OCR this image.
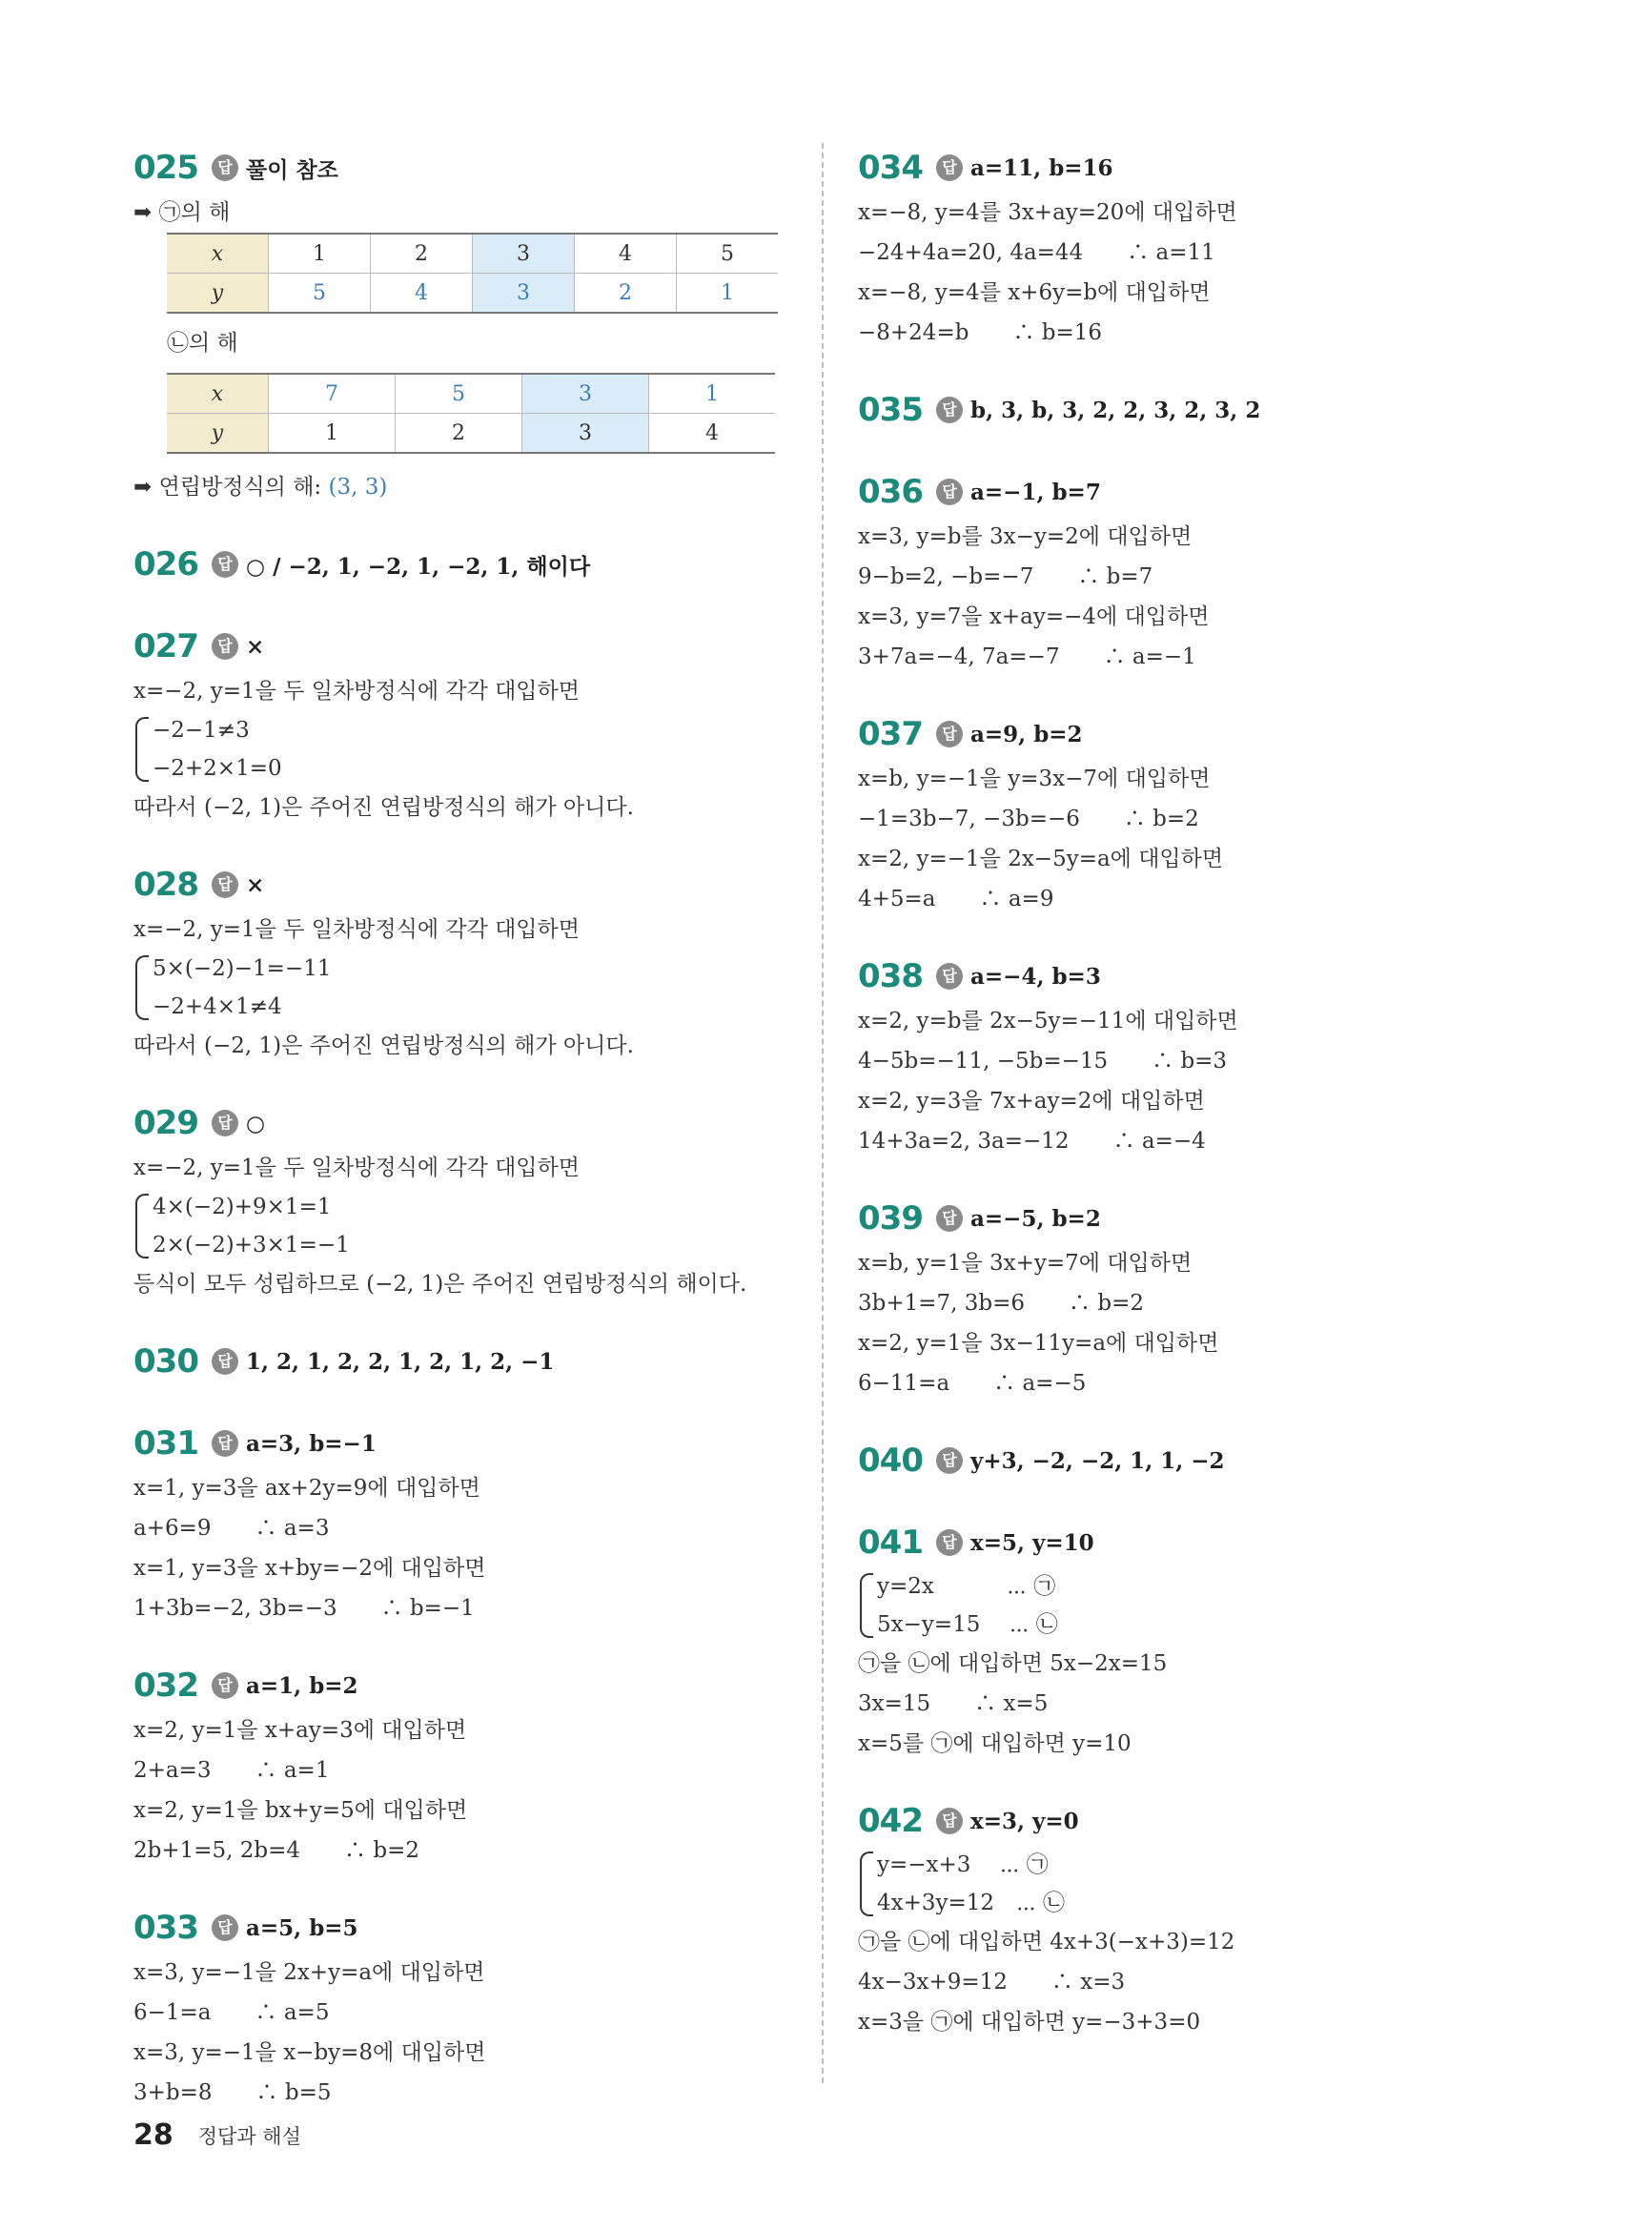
025	답 풀이 참조
➡ ㉠의 해
x	1	2	3	4	5
y	5	4	3	2	1
㉡의 해
x	7	5	3	1
y	1	2	3	4
➡ 연립방정식의 해: (3, 3)
026	답 ○ / −2, 1, −2, 1, −2, 1, 해이다
027	답 ×
x=−2, y=1을 두 일차방정식에 각각 대입하면
−2−1≠3
−2+2×1=0
따라서 (−2, 1)은 주어진 연립방정식의 해가 아니다.
028	답 ×
x=−2, y=1을 두 일차방정식에 각각 대입하면
5×(−2)−1=−11
−2+4×1≠4
따라서 (−2, 1)은 주어진 연립방정식의 해가 아니다.
029	답 ○
x=−2, y=1을 두 일차방정식에 각각 대입하면
4×(−2)+9×1=1
2×(−2)+3×1=−1
등식이 모두 성립하므로 (−2, 1)은 주어진 연립방정식의 해이다.
030	답 1, 2, 1, 2, 2, 1, 2, 1, 2, −1
031	답 a=3, b=−1
x=1, y=3을 ax+2y=9에 대입하면
a+6=9　　∴ a=3
x=1, y=3을 x+by=−2에 대입하면
1+3b=−2, 3b=−3　　∴ b=−1
032	답 a=1, b=2
x=2, y=1을 x+ay=3에 대입하면
2+a=3　　∴ a=1
x=2, y=1을 bx+y=5에 대입하면
2b+1=5, 2b=4　　∴ b=2
033	답 a=5, b=5
x=3, y=−1을 2x+y=a에 대입하면
6−1=a　　∴ a=5
x=3, y=−1을 x−by=8에 대입하면
3+b=8　　∴ b=5
034	답 a=11, b=16
x=−8, y=4를 3x+ay=20에 대입하면
−24+4a=20, 4a=44　　∴ a=11
x=−8, y=4를 x+6y=b에 대입하면
−8+24=b　　∴ b=16
035	답 b, 3, b, 3, 2, 2, 3, 2, 3, 2
036	답 a=−1, b=7
x=3, y=b를 3x−y=2에 대입하면
9−b=2, −b=−7　　∴ b=7
x=3, y=7을 x+ay=−4에 대입하면
3+7a=−4, 7a=−7　　∴ a=−1
037	답 a=9, b=2
x=b, y=−1을 y=3x−7에 대입하면
−1=3b−7, −3b=−6　　∴ b=2
x=2, y=−1을 2x−5y=a에 대입하면
4+5=a　　∴ a=9
038	답 a=−4, b=3
x=2, y=b를 2x−5y=−11에 대입하면
4−5b=−11, −5b=−15　　∴ b=3
x=2, y=3을 7x+ay=2에 대입하면
14+3a=2, 3a=−12　　∴ a=−4
039	답 a=−5, b=2
x=b, y=1을 3x+y=7에 대입하면
3b+1=7, 3b=6　　∴ b=2
x=2, y=1을 3x−11y=a에 대입하면
6−11=a　　∴ a=−5
040	답 y+3, −2, −2, 1, 1, −2
041	답 x=5, y=10
y=2x　　　 ⋯ ㉠
5x−y=15　 ⋯ ㉡
㉠을 ㉡에 대입하면 5x−2x=15
3x=15　　∴ x=5
x=5를 ㉠에 대입하면 y=10
042	답 x=3, y=0
y=−x+3　 ⋯ ㉠
4x+3y=12　⋯ ㉡
㉠을 ㉡에 대입하면 4x+3(−x+3)=12
4x−3x+9=12　　∴ x=3
x=3을 ㉠에 대입하면 y=−3+3=0
28 정답과 해설
